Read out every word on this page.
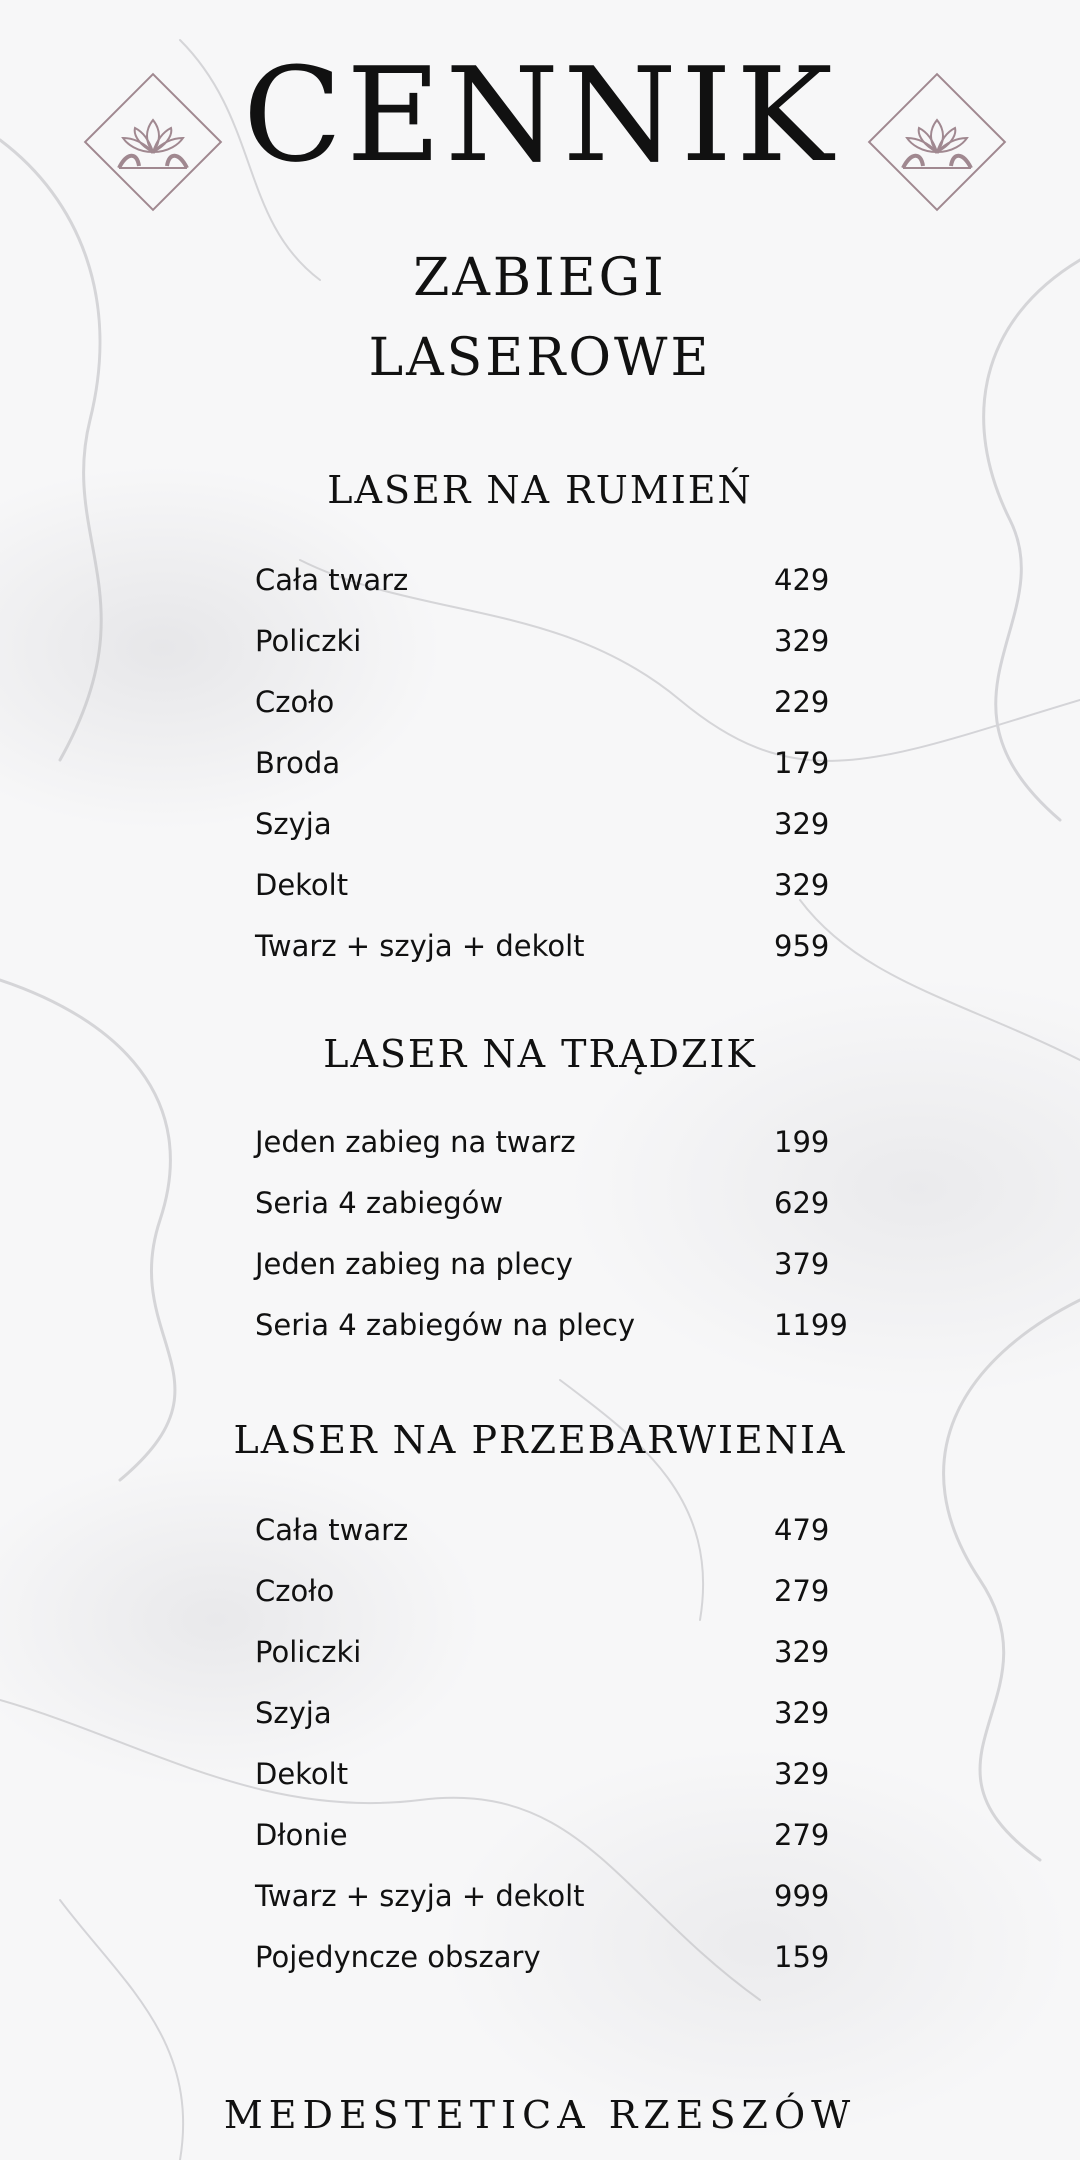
CENNIK
ZABIEGI
LASEROWE
LASER NA RUMIEŃ
Cała twarz	429
Policzki	329
Czoło	229
Broda	179
Szyja	329
Dekolt	329
Twarz + szyja + dekolt	959
LASER NA TRĄDZIK
Jeden zabieg na twarz	199
Seria 4 zabiegów	629
Jeden zabieg na plecy	379
Seria 4 zabiegów na plecy	1199
LASER NA PRZEBARWIENIA
Cała twarz	479
Czoło	279
Policzki	329
Szyja	329
Dekolt	329
Dłonie	279
Twarz + szyja + dekolt	999
Pojedyncze obszary	159
MEDESTETICA RZESZÓW
